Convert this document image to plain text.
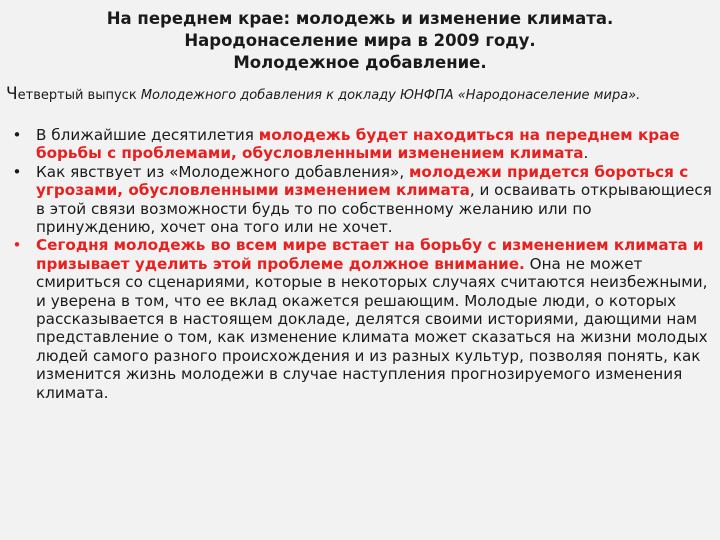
На переднем крае: молодежь и изменение климата.
Народонаселение мира в 2009 году.
Молодежное добавление.
Четвертый выпуск Молодежного добавления к докладу ЮНФПА «Народонаселение мира».
• В ближайшие десятилетия молодежь будет находиться на переднем крае борьбы с проблемами, обусловленными изменением климата.
• Как явствует из «Молодежного добавления», молодежи придется бороться с угрозами, обусловленными изменением климата, и осваивать открывающиеся в этой связи возможности будь то по собственному желанию или по принуждению, хочет она того или не хочет.
• Сегодня молодежь во всем мире встает на борьбу с изменением климата и призывает уделить этой проблеме должное внимание. Она не может смириться со сценариями, которые в некоторых случаях считаются неизбежными, и уверена в том, что ее вклад окажется решающим. Молодые люди, о которых рассказывается в настоящем докладе, делятся своими историями, дающими нам представление о том, как изменение климата может сказаться на жизни молодых людей самого разного происхождения и из разных культур, позволяя понять, как изменится жизнь молодежи в случае наступления прогнозируемого изменения климата.
